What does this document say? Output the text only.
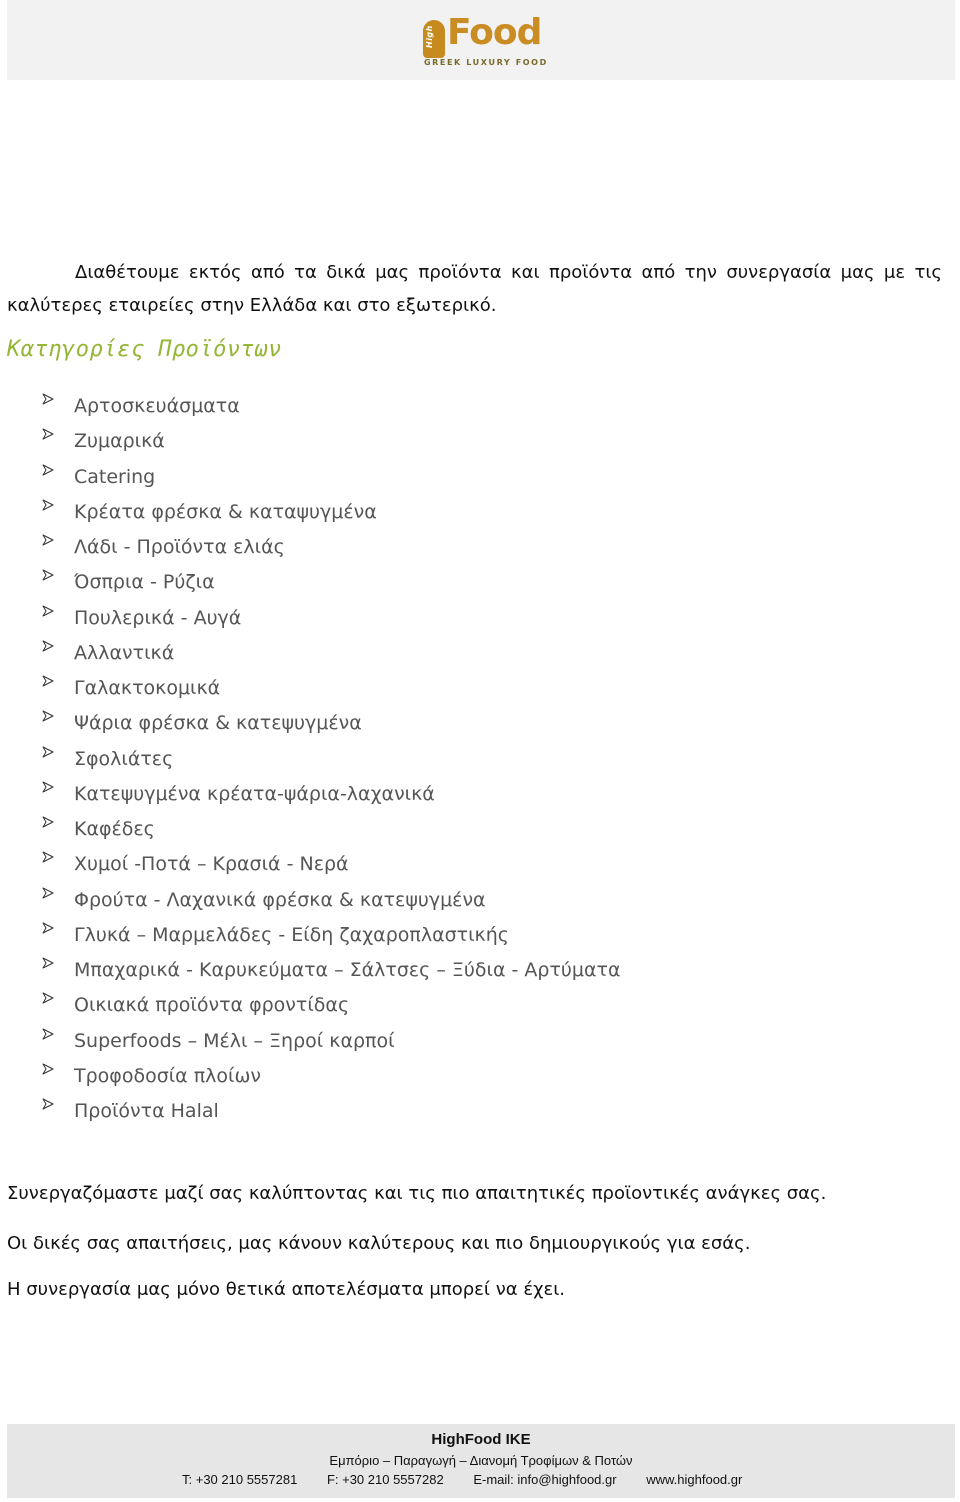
High Food
GREEK LUXURY FOOD

Διαθέτουμε εκτός από τα δικά μας προϊόντα και προϊόντα από την συνεργασία μας με τις καλύτερες εταιρείες στην Ελλάδα και στο εξωτερικό.

Κατηγορίες Προϊόντων
Αρτοσκευάσματα
Ζυμαρικά
Catering
Κρέατα φρέσκα & καταψυγμένα
Λάδι - Προϊόντα ελιάς
Όσπρια - Ρύζια
Πουλερικά - Αυγά
Αλλαντικά
Γαλακτοκομικά
Ψάρια φρέσκα & κατεψυγμένα
Σφολιάτες
Κατεψυγμένα κρέατα-ψάρια-λαχανικά
Καφέδες
Χυμοί -Ποτά – Κρασιά - Νερά
Φρούτα - Λαχανικά φρέσκα & κατεψυγμένα
Γλυκά – Μαρμελάδες - Είδη ζαχαροπλαστικής
Μπαχαρικά - Καρυκεύματα – Σάλτσες – Ξύδια - Αρτύματα
Οικιακά προϊόντα φροντίδας
Superfoods – Μέλι – Ξηροί καρποί
Τροφοδοσία πλοίων
Προϊόντα Halal
Συνεργαζόμαστε μαζί σας καλύπτοντας και τις πιο απαιτητικές προϊοντικές ανάγκες σας.
Οι δικές σας απαιτήσεις, μας κάνουν καλύτερους και πιο δημιουργικούς για εσάς.
Η συνεργασία μας μόνο θετικά αποτελέσματα μπορεί να έχει.
HighFood IKE
Εμπόριο – Παραγωγή – Διανομή Τροφίμων & Ποτών
T: +30 210 5557281 F: +30 210 5557282 E-mail: info@highfood.gr www.highfood.gr
